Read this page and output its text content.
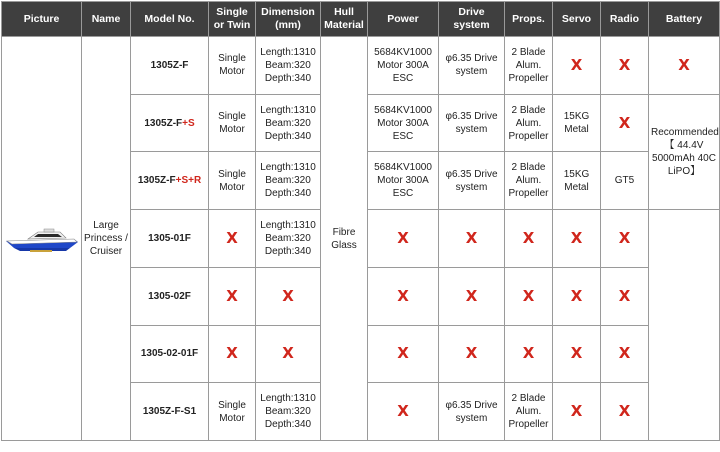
Picture	Name	Model No.	Single or Twin	Dimension (mm)	Hull Material	Power	Drive system	Props.	Servo	Radio	Battery

	Large Princess / Cruiser	1305Z-F	Single Motor	Length:1310 Beam:320 Depth:340	Fibre Glass	5684KV1000 Motor 300A ESC	φ6.35 Drive system	2 Blade Alum. Propeller	X	X	X
		1305Z-F+S	Single Motor	Length:1310 Beam:320 Depth:340		5684KV1000 Motor 300A ESC	φ6.35 Drive system	2 Blade Alum. Propeller	15KG Metal	X	Recommended【 44.4V 5000mAh 40C LiPO】
		1305Z-F+S+R	Single Motor	Length:1310 Beam:320 Depth:340		5684KV1000 Motor 300A ESC	φ6.35 Drive system	2 Blade Alum. Propeller	15KG Metal	GT5	
		1305-01F	X	Length:1310 Beam:320 Depth:340		X	X	X	X	X	
		1305-02F	X	X		X	X	X	X	X	
		1305-02-01F	X	X		X	X	X	X	X	
		1305Z-F-S1	Single Motor	Length:1310 Beam:320 Depth:340		X	φ6.35 Drive system	2 Blade Alum. Propeller	X	X	
